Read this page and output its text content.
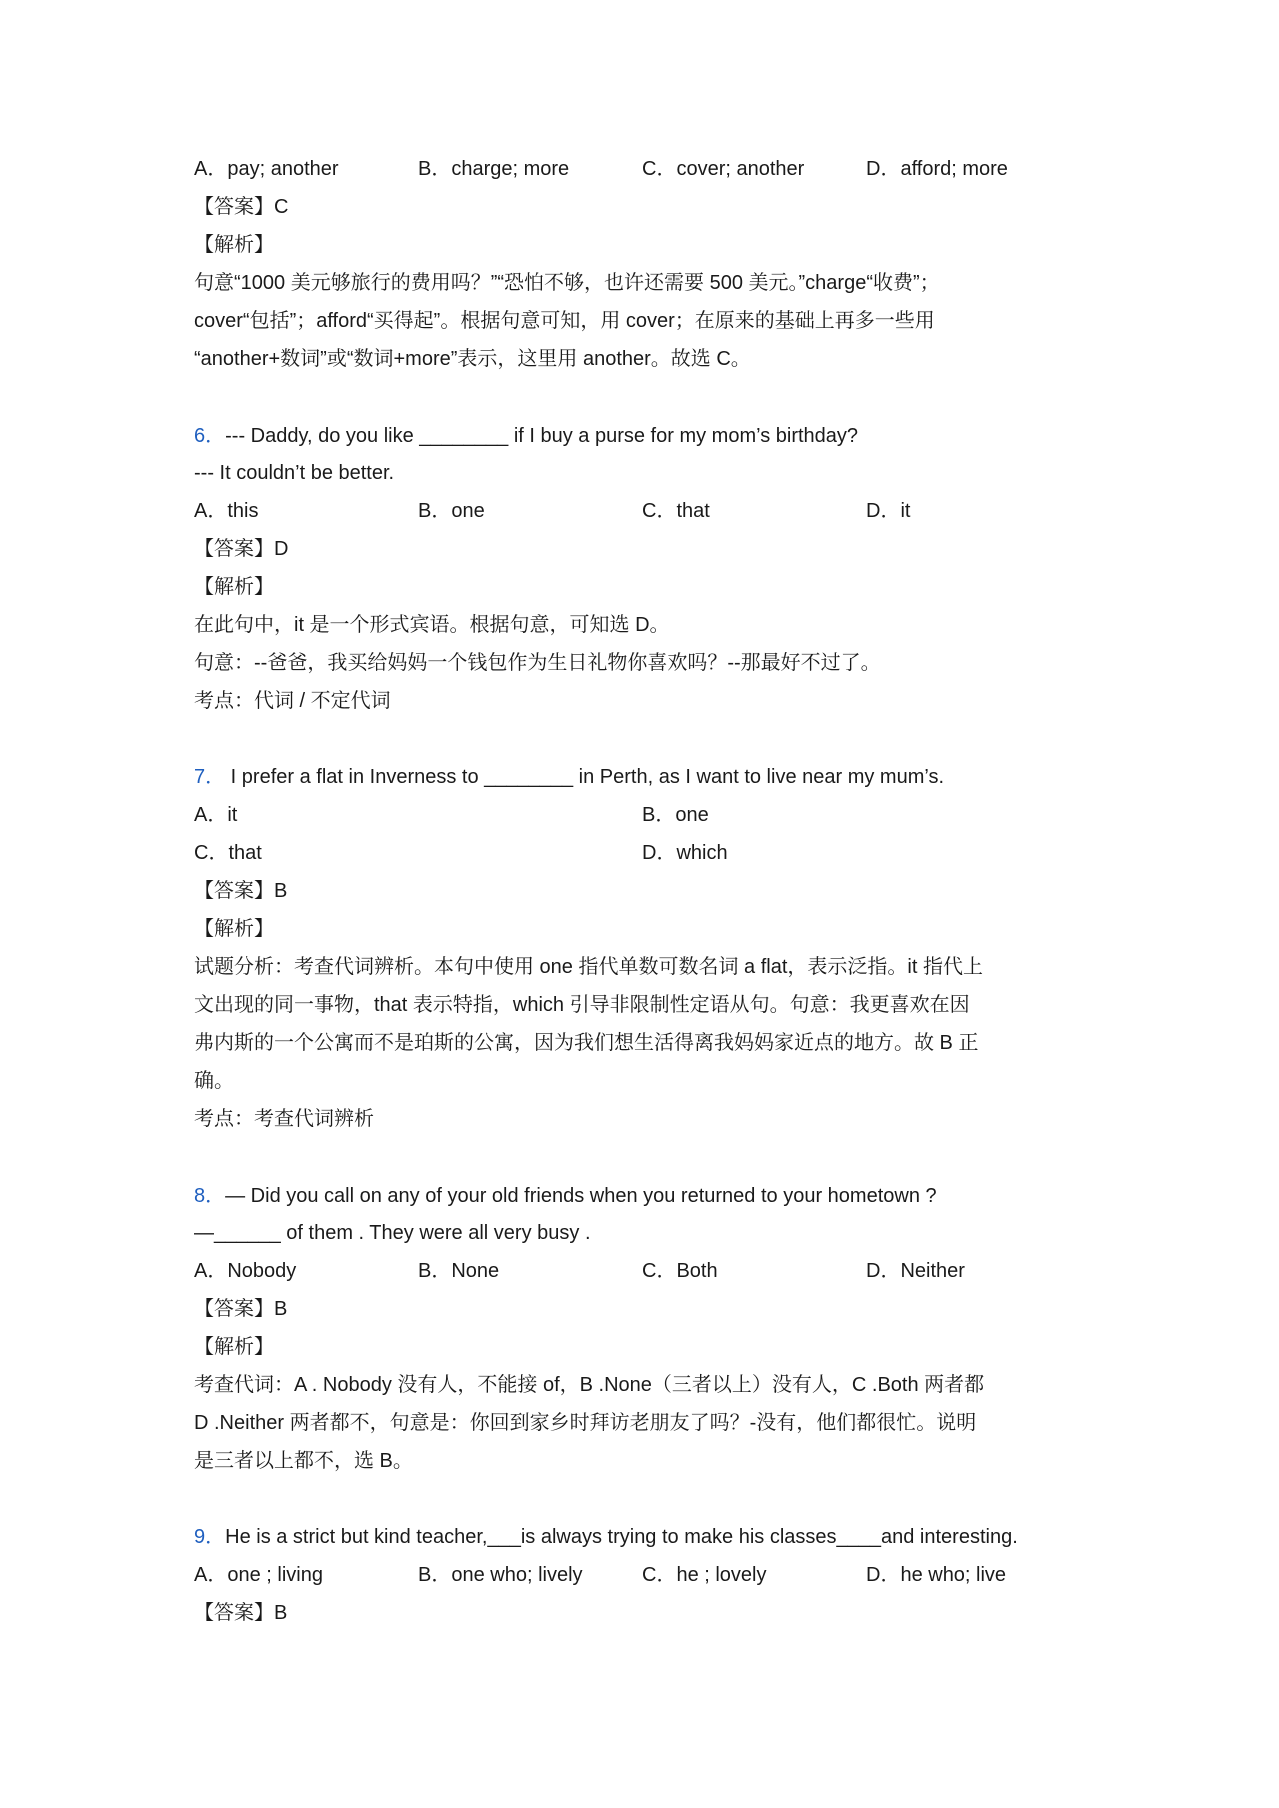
A．pay; another	B．charge; more	C．cover; another	D．afford; more
【答案】C
【解析】
句意“1000 美元够旅行的费用吗？”“恐怕不够，也许还需要 500 美元。”charge“收费”；
cover“包括”；afford“买得起”。根据句意可知，用 cover；在原来的基础上再多一些用
“another+数词”或“数词+more”表示，这里用 another。故选 C。
6．--- Daddy, do you like ________ if I buy a purse for my mom’s birthday?
--- It couldn’t be better.
A．this	B．one	C．that	D．it
【答案】D
【解析】
在此句中，it 是一个形式宾语。根据句意，可知选 D。
句意：--爸爸，我买给妈妈一个钱包作为生日礼物你喜欢吗？--那最好不过了。
考点：代词 / 不定代词
7． I prefer a flat in Inverness to ________ in Perth, as I want to live near my mum’s.
A．it	B．one
C．that	D．which
【答案】B
【解析】
试题分析：考查代词辨析。本句中使用 one 指代单数可数名词 a flat，表示泛指。it 指代上
文出现的同一事物，that 表示特指，which 引导非限制性定语从句。句意：我更喜欢在因
弗内斯的一个公寓而不是珀斯的公寓，因为我们想生活得离我妈妈家近点的地方。故 B 正
确。
考点：考查代词辨析
8．— Did you call on any of your old friends when you returned to your hometown ?
—______ of them . They were all very busy .
A．Nobody	B．None	C．Both	D．Neither
【答案】B
【解析】
考查代词：A . Nobody 没有人，不能接 of，B .None（三者以上）没有人，C .Both 两者都
D .Neither 两者都不，句意是：你回到家乡时拜访老朋友了吗？-没有，他们都很忙。说明
是三者以上都不，选 B。
9．He is a strict but kind teacher,___is always trying to make his classes____and interesting.
A．one ; living	B．one who; lively	C．he ; lovely	D．he who; live
【答案】B
